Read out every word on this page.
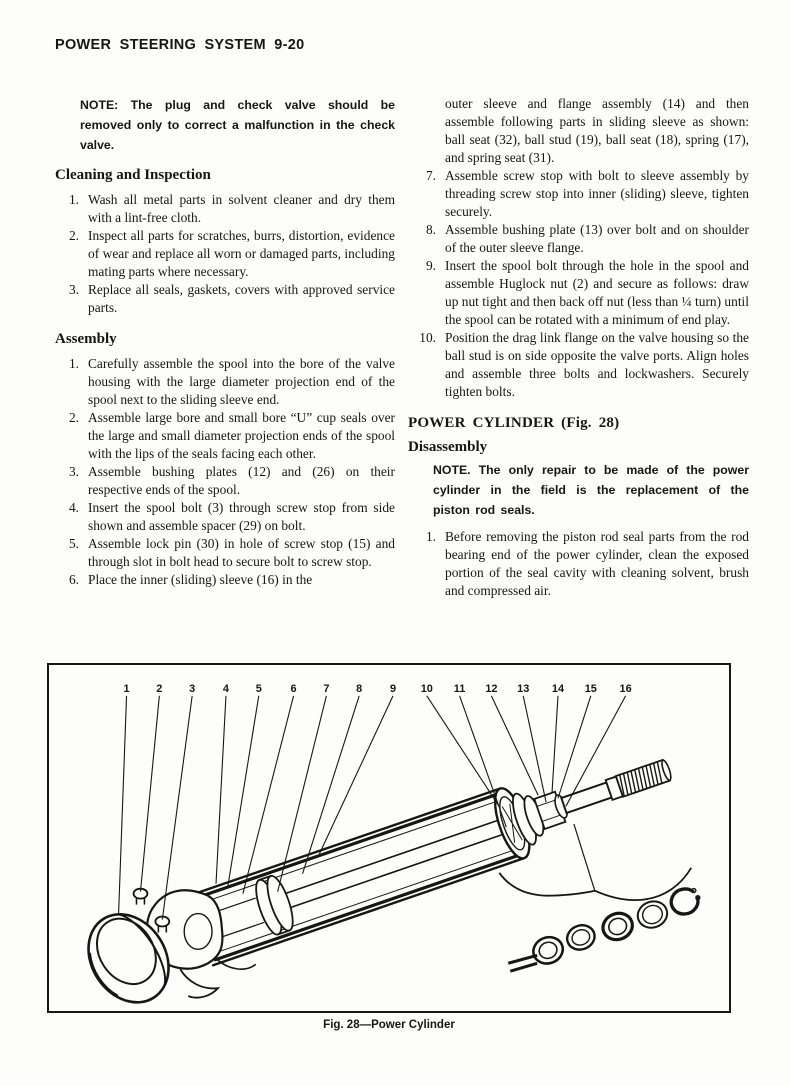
POWER STEERING SYSTEM 9-20
NOTE: The plug and check valve should be removed only to correct a malfunction in the check valve.
Cleaning and Inspection
1. Wash all metal parts in solvent cleaner and dry them with a lint-free cloth.
2. Inspect all parts for scratches, burrs, distortion, evidence of wear and replace all worn or damaged parts, including mating parts where necessary.
3. Replace all seals, gaskets, covers with approved service parts.
Assembly
1. Carefully assemble the spool into the bore of the valve housing with the large diameter projection end of the spool next to the sliding sleeve end.
2. Assemble large bore and small bore “U” cup seals over the large and small diameter projection ends of the spool with the lips of the seals facing each other.
3. Assemble bushing plates (12) and (26) on their respective ends of the spool.
4. Insert the spool bolt (3) through screw stop from side shown and assemble spacer (29) on bolt.
5. Assemble lock pin (30) in hole of screw stop (15) and through slot in bolt head to secure bolt to screw stop.
6. Place the inner (sliding) sleeve (16) in the
outer sleeve and flange assembly (14) and then assemble following parts in sliding sleeve as shown: ball seat (32), ball stud (19), ball seat (18), spring (17), and spring seat (31).
7. Assemble screw stop with bolt to sleeve assembly by threading screw stop into inner (sliding) sleeve, tighten securely.
8. Assemble bushing plate (13) over bolt and on shoulder of the outer sleeve flange.
9. Insert the spool bolt through the hole in the spool and assemble Huglock nut (2) and secure as follows: draw up nut tight and then back off nut (less than ¼ turn) until the spool can be rotated with a minimum of end play.
10. Position the drag link flange on the valve housing so the ball stud is on side opposite the valve ports. Align holes and assemble three bolts and lockwashers. Securely tighten bolts.
POWER CYLINDER (Fig. 28)
Disassembly
NOTE. The only repair to be made of the power cylinder in the field is the replacement of the piston rod seals.
1. Before removing the piston rod seal parts from the rod bearing end of the power cylinder, clean the exposed portion of the seal cavity with cleaning solvent, brush and compressed air.
1 2 3	4 5	6 7 8	9 10 11 12 13 14 15 16
Fig. 28—Power Cylinder
